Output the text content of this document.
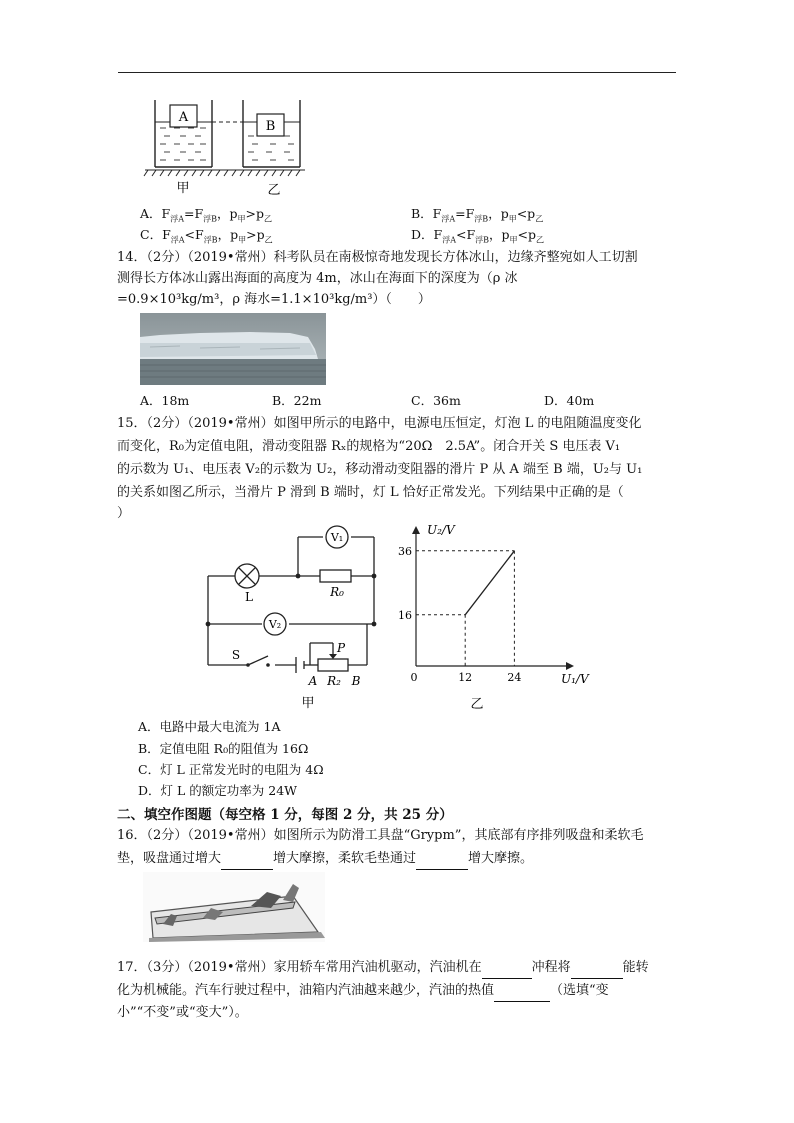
A
B
甲	乙
A．$F_{浮A}=F_{浮B}$，$p_甲>p_乙$	B．$F_{浮A}=F_{浮B}$，$p_甲<p_乙$
C．$F_{浮A}<F_{浮B}$，$p_甲>p_乙$	D．$F_{浮A}<F_{浮B}$，$p_甲<p_乙$
14．（2分）（2019•常州）科考队员在南极惊奇地发现长方体冰山，边缘齐整宛如人工切割
测得长方体冰山露出海面的高度为 4m，冰山在海面下的深度为（ρ 冰
=0.9×10³kg/m³，ρ 海水=1.1×10³kg/m³）（　　）
A．18m	B．22m	C．36m	D．40m
15．（2分）（2019•常州）如图甲所示的电路中，电源电压恒定，灯泡 L 的电阻随温度变化
而变化，R₀为定值电阻，滑动变阻器 Rₓ的规格为“20Ω　2.5A”。闭合开关 S 电压表 V₁
的示数为 U₁、电压表 V₂的示数为 U₂，移动滑动变阻器的滑片 P 从 A 端至 B 端，U₂与 U₁
的关系如图乙所示，当滑片 P 滑到 B 端时，灯 L 恰好正常发光。下列结果中正确的是（
）
V₁
V₂
L	R₀
S	P
A R₂ B
甲
12	24
16
36
U₂/V
U₁/V
0
乙
A．电路中最大电流为 1A
B．定值电阻 R₀的阻值为 16Ω
C．灯 L 正常发光时的电阻为 4Ω
D．灯 L 的额定功率为 24W
二、填空作图题（每空格 1 分，每图 2 分，共 25 分）
16．（2分）（2019•常州）如图所示为防滑工具盘“Grypm”，其底部有序排列吸盘和柔软毛
垫，吸盘通过增大	增大摩擦，柔软毛垫通过	增大摩擦。
17．（3分）（2019•常州）家用轿车常用汽油机驱动，汽油机在	冲程将	能转
化为机械能。汽车行驶过程中，油箱内汽油越来越少，汽油的热值	（选填“变
小”“不变”或“变大”）。
